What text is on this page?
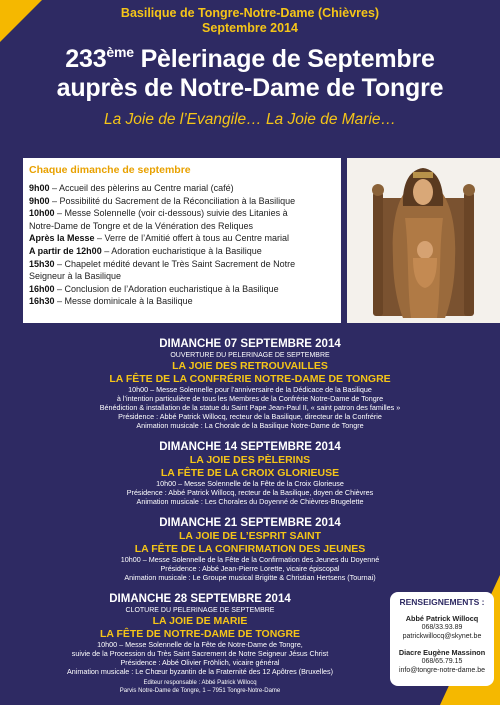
Basilique de Tongre-Notre-Dame (Chièvres)
Septembre 2014
233ème Pèlerinage de Septembre
auprès de Notre-Dame de Tongre
La Joie de l’Evangile… La Joie de Marie…
Chaque dimanche de septembre
9h00 – Accueil des pèlerins au Centre marial (café)
9h00 – Possibilité du Sacrement de la Réconciliation à la Basilique
10h00 – Messe Solennelle (voir ci-dessous) suivie des Litanies à
Notre-Dame de Tongre et de la Vénération des Reliques
Après la Messe – Verre de l’Amitié offert à tous au Centre marial
A partir de 12h00 – Adoration eucharistique à la Basilique
15h30 – Chapelet médité devant le Très Saint Sacrement de Notre
Seigneur à la Basilique
16h00 – Conclusion de l’Adoration eucharistique à la Basilique
16h30 – Messe dominicale à la Basilique
DIMANCHE 07 SEPTEMBRE 2014
OUVERTURE DU PELERINAGE DE SEPTEMBRE
LA JOIE DES RETROUVAILLES
LA FÊTE DE LA CONFRÉRIE NOTRE-DAME DE TONGRE
10h00 – Messe Solennelle pour l’anniversaire de la Dédicace de la Basilique
à l’intention particulière de tous les Membres de la Confrérie Notre-Dame de Tongre
Bénédiction & installation de la statue du Saint Pape Jean-Paul II, « saint patron des familles »
Présidence : Abbé Patrick Willocq, recteur de la Basilique, directeur de la Confrérie
Animation musicale : La Chorale de la Basilique Notre-Dame de Tongre
DIMANCHE 14 SEPTEMBRE 2014
LA JOIE DES PÈLERINS
LA FÊTE DE LA CROIX GLORIEUSE
10h00 – Messe Solennelle de la Fête de la Croix Glorieuse
Présidence : Abbé Patrick Willocq, recteur de la Basilique, doyen de Chièvres
Animation musicale : Les Chorales du Doyenné de Chièvres-Brugelette
DIMANCHE 21 SEPTEMBRE 2014
LA JOIE DE L’ESPRIT SAINT
LA FÊTE DE LA CONFIRMATION DES JEUNES
10h00 – Messe Solennelle de la Fête de la Confirmation des Jeunes du Doyenné
Présidence : Abbé Jean-Pierre Lorette, vicaire épiscopal
Animation musicale : Le Groupe musical Brigitte & Christian Hertsens (Tournai)
DIMANCHE 28 SEPTEMBRE 2014
CLOTURE DU PELERINAGE DE SEPTEMBRE
LA JOIE DE MARIE
LA FÊTE DE NOTRE-DAME DE TONGRE
10h00 – Messe Solennelle de la Fête de Notre-Dame de Tongre,
suivie de la Procession du Très Saint Sacrement de Notre Seigneur Jésus Christ
Présidence : Abbé Olivier Fröhlich, vicaire général
Animation musicale : Le Chœur byzantin de la Fraternité des 12 Apôtres (Bruxelles)
Editeur responsable : Abbé Patrick Willocq
Parvis Notre-Dame de Tongre, 1 – 7951 Tongre-Notre-Dame
RENSEIGNEMENTS :
Abbé Patrick Willocq
068/33.93.89
patrickwillocq@skynet.be
Diacre Eugène Massinon
068/65.79.15
info@tongre-notre-dame.be
